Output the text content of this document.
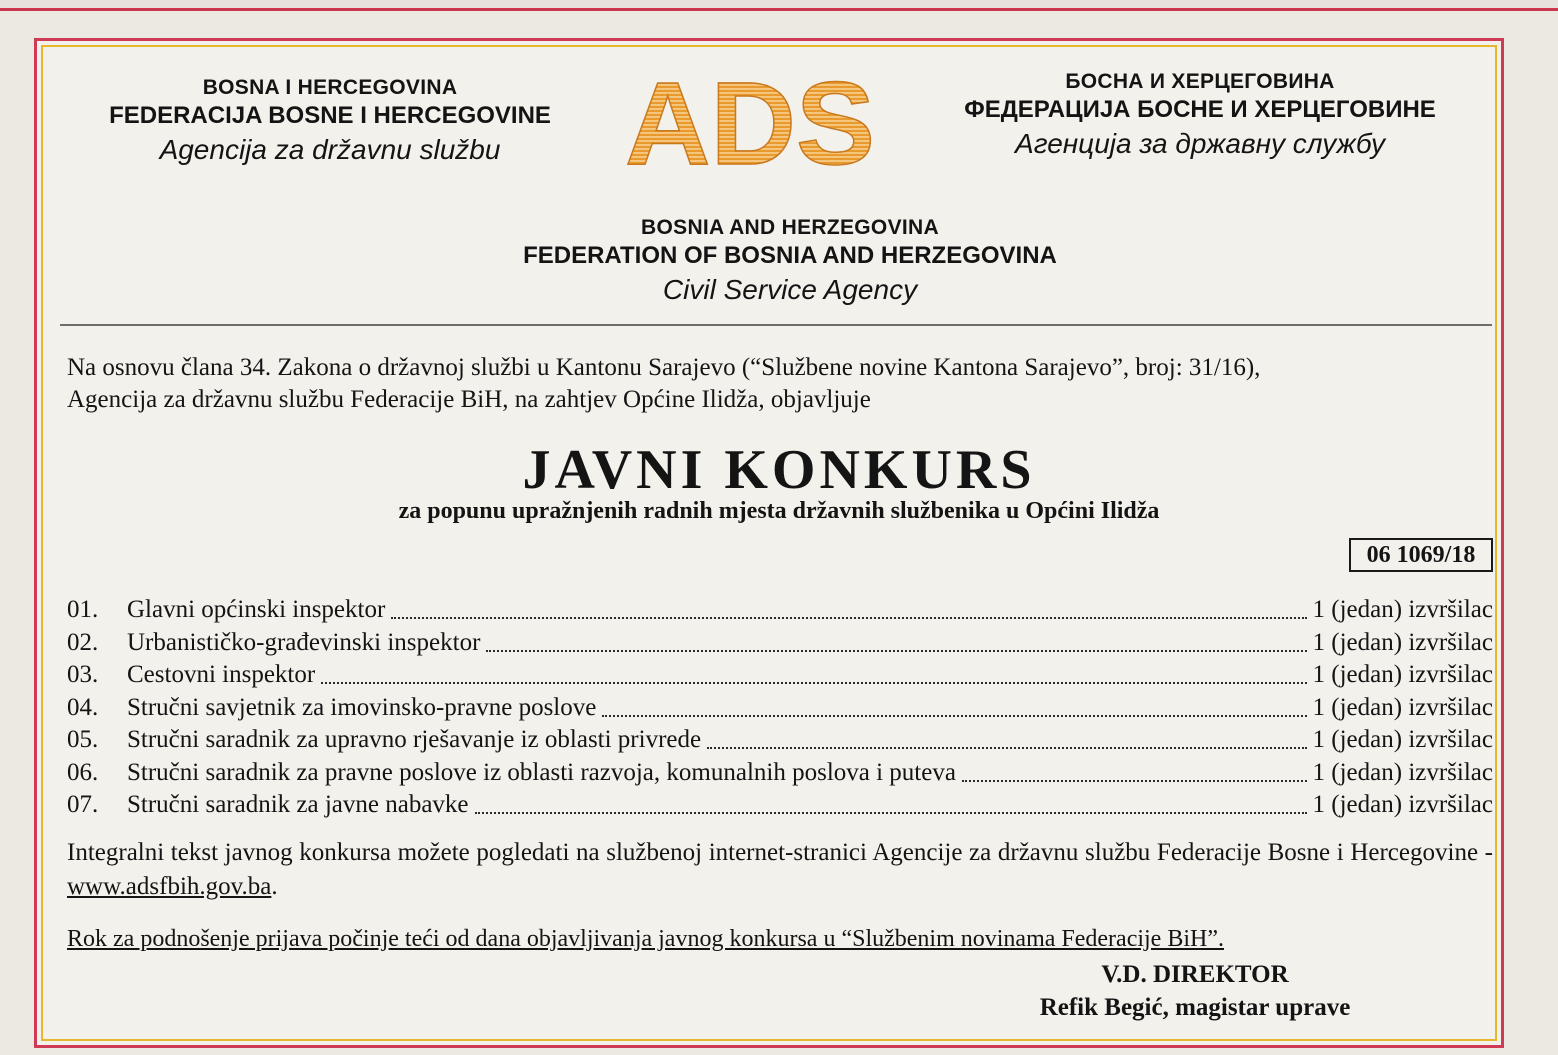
BOSNA I HERCEGOVINA
FEDERACIJA BOSNE I HERCEGOVINE
Agencija za državnu službu	ADS	БОСНА И ХЕРЦЕГОВИНА
ФЕДЕРАЦИЈА БОСНЕ И ХЕРЦЕГОВИНЕ
Агенција за државну службу
BOSNIA AND HERZEGOVINA
FEDERATION OF BOSNIA AND HERZEGOVINA
Civil Service Agency
Na osnovu člana 34. Zakona o državnoj službi u Kantonu Sarajevo (“Službene novine Kantona Sarajevo”, broj: 31/16),
Agencija za državnu službu Federacije BiH, na zahtjev Općine Ilidža, objavljuje
JAVNI KONKURS
za popunu upražnjenih radnih mjesta državnih službenika u Općini Ilidža
06 1069/18
01.	Glavni općinski inspektor	1 (jedan) izvršilac
02.	Urbanističko-građevinski inspektor	1 (jedan) izvršilac
03.	Cestovni inspektor	1 (jedan) izvršilac
04.	Stručni savjetnik za imovinsko-pravne poslove	1 (jedan) izvršilac
05.	Stručni saradnik za upravno rješavanje iz oblasti privrede	1 (jedan) izvršilac
06.	Stručni saradnik za pravne poslove iz oblasti razvoja, komunalnih poslova i puteva	1 (jedan) izvršilac
07.	Stručni saradnik za javne nabavke	1 (jedan) izvršilac
Integralni tekst javnog konkursa možete pogledati na službenoj internet-stranici Agencije za državnu službu Federacije Bosne i Hercegovine - www.adsfbih.gov.ba.
Rok za podnošenje prijava počinje teći od dana objavljivanja javnog konkursa u “Službenim novinama Federacije BiH”.
V.D. DIREKTOR
Refik Begić, magistar uprave
